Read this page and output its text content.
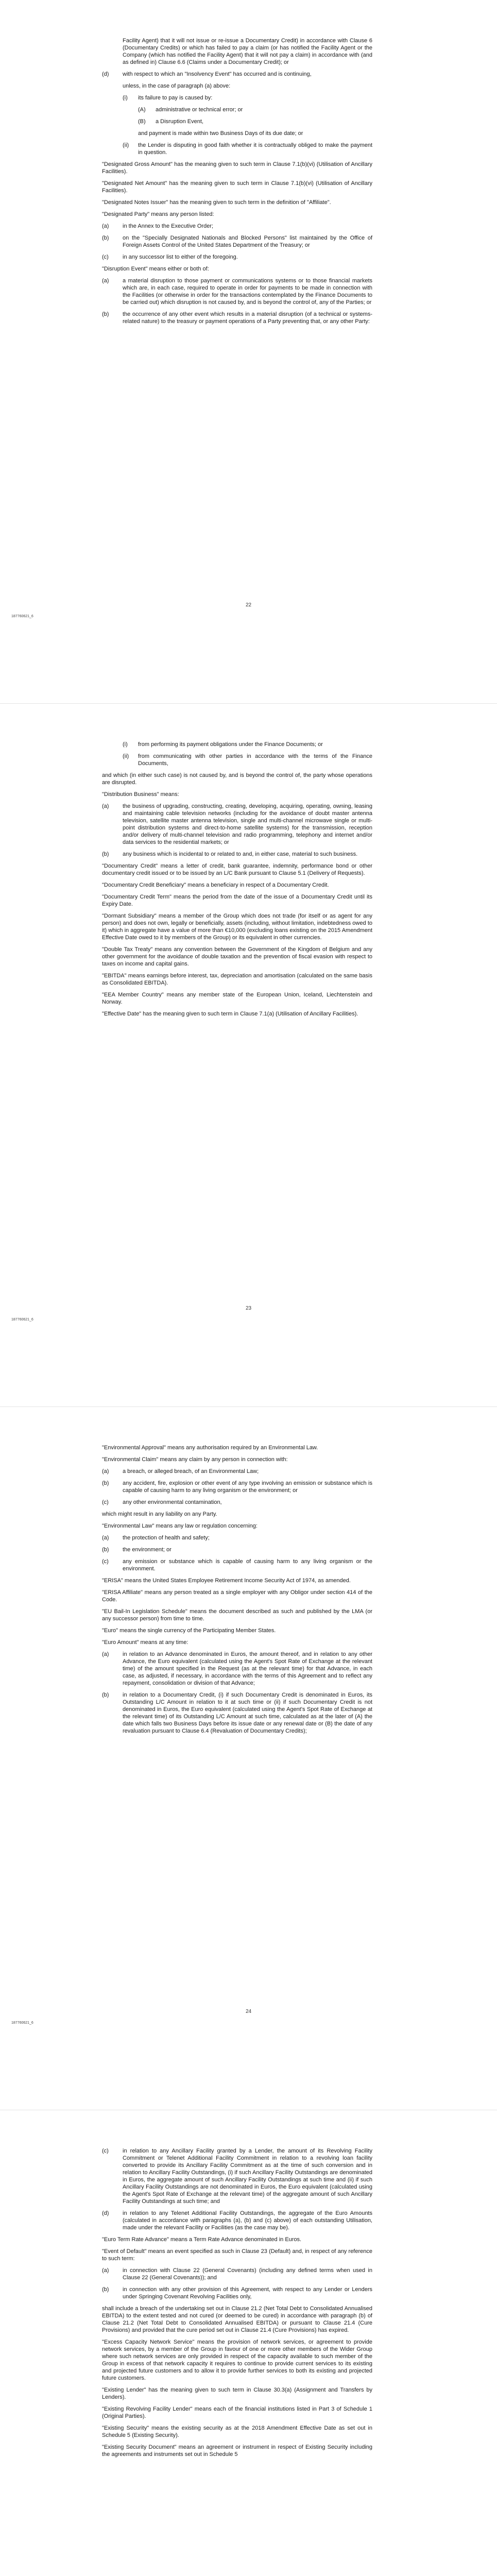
Facility Agent) that it will not issue or re-issue a Documentary Credit) in accordance with Clause 6 (Documentary Credits) or which has failed to pay a claim (or has notified the Facility Agent or the Company (which has notified the Facility Agent) that it will not pay a claim) in accordance with (and as defined in) Clause 6.6 (Claims under a Documentary Credit); or

(d) with respect to which an "Insolvency Event" has occurred and is continuing,

unless, in the case of paragraph (a) above:

(i) its failure to pay is caused by:
(A) administrative or technical error; or
(B) a Disruption Event,

and payment is made within two Business Days of its due date; or

(ii) the Lender is disputing in good faith whether it is contractually obliged to make the payment in question.

"Designated Gross Amount" has the meaning given to such term in Clause 7.1(b)(vi) (Utilisation of Ancillary Facilities).

"Designated Net Amount" has the meaning given to such term in Clause 7.1(b)(vi) (Utilisation of Ancillary Facilities).

"Designated Notes Issuer" has the meaning given to such term in the definition of "Affiliate".

"Designated Party" means any person listed:

(a) in the Annex to the Executive Order;
(b) on the "Specially Designated Nationals and Blocked Persons" list maintained by the Office of Foreign Assets Control of the United States Department of the Treasury; or
(c) in any successor list to either of the foregoing.

"Disruption Event" means either or both of:

(a) a material disruption to those payment or communications systems or to those financial markets which are, in each case, required to operate in order for payments to be made in connection with the Facilities (or otherwise in order for the transactions contemplated by the Finance Documents to be carried out) which disruption is not caused by, and is beyond the control of, any of the Parties; or
(b) the occurrence of any other event which results in a material disruption (of a technical or systems-related nature) to the treasury or payment operations of a Party preventing that, or any other Party:
22
187760621_6
(i) from performing its payment obligations under the Finance Documents; or
(ii) from communicating with other parties in accordance with the terms of the Finance Documents,

and which (in either such case) is not caused by, and is beyond the control of, the party whose operations are disrupted.

"Distribution Business" means:

(a) the business of upgrading, constructing, creating, developing, acquiring, operating, owning, leasing and maintaining cable television networks (including for the avoidance of doubt master antenna television, satellite master antenna television, single and multi-channel microwave single or multi-point distribution systems and direct-to-home satellite systems) for the transmission, reception and/or delivery of multi-channel television and radio programming, telephony and internet and/or data services to the residential markets; or
(b) any business which is incidental to or related to and, in either case, material to such business.

"Documentary Credit" means a letter of credit, bank guarantee, indemnity, performance bond or other documentary credit issued or to be issued by an L/C Bank pursuant to Clause 5.1 (Delivery of Requests).

"Documentary Credit Beneficiary" means a beneficiary in respect of a Documentary Credit.

"Documentary Credit Term" means the period from the date of the issue of a Documentary Credit until its Expiry Date.

"Dormant Subsidiary" means a member of the Group which does not trade (for itself or as agent for any person) and does not own, legally or beneficially, assets (including, without limitation, indebtedness owed to it) which in aggregate have a value of more than €10,000 (excluding loans existing on the 2015 Amendment Effective Date owed to it by members of the Group) or its equivalent in other currencies.

"Double Tax Treaty" means any convention between the Government of the Kingdom of Belgium and any other government for the avoidance of double taxation and the prevention of fiscal evasion with respect to taxes on income and capital gains.

"EBITDA" means earnings before interest, tax, depreciation and amortisation (calculated on the same basis as Consolidated EBITDA).

"EEA Member Country" means any member state of the European Union, Iceland, Liechtenstein and Norway.

"Effective Date" has the meaning given to such term in Clause 7.1(a) (Utilisation of Ancillary Facilities).

23
187760621_6

"Environmental Approval" means any authorisation required by an Environmental Law.

"Environmental Claim" means any claim by any person in connection with:

(a) a breach, or alleged breach, of an Environmental Law;
(b) any accident, fire, explosion or other event of any type involving an emission or substance which is capable of causing harm to any living organism or the environment; or
(c) any other environmental contamination,

which might result in any liability on any Party.

"Environmental Law" means any law or regulation concerning:

(a) the protection of health and safety;
(b) the environment; or
(c) any emission or substance which is capable of causing harm to any living organism or the environment.

"ERISA" means the United States Employee Retirement Income Security Act of 1974, as amended.

"ERISA Affiliate" means any person treated as a single employer with any Obligor under section 414 of the Code.

"EU Bail-In Legislation Schedule" means the document described as such and published by the LMA (or any successor person) from time to time.

"Euro" means the single currency of the Participating Member States.

"Euro Amount" means at any time:

(a) in relation to an Advance denominated in Euros, the amount thereof, and in relation to any other Advance, the Euro equivalent (calculated using the Agent's Spot Rate of Exchange at the relevant time) of the amount specified in the Request (as at the relevant time) for that Advance, in each case, as adjusted, if necessary, in accordance with the terms of this Agreement and to reflect any repayment, consolidation or division of that Advance;
(b) in relation to a Documentary Credit, (i) if such Documentary Credit is denominated in Euros, its Outstanding L/C Amount in relation to it at such time or (ii) if such Documentary Credit is not denominated in Euros, the Euro equivalent (calculated using the Agent's Spot Rate of Exchange at the relevant time) of its Outstanding L/C Amount at such time, calculated as at the later of (A) the date which falls two Business Days before its issue date or any renewal date or (B) the date of any revaluation pursuant to Clause 6.4 (Revaluation of Documentary Credits);
24
187760621_6
(c) in relation to any Ancillary Facility granted by a Lender, the amount of its Revolving Facility Commitment or Telenet Additional Facility Commitment in relation to a revolving loan facility converted to provide its Ancillary Facility Commitment as at the time of such conversion and in relation to Ancillary Facility Outstandings, (i) if such Ancillary Facility Outstandings are denominated in Euros, the aggregate amount of such Ancillary Facility Outstandings at such time and (ii) if such Ancillary Facility Outstandings are not denominated in Euros, the Euro equivalent (calculated using the Agent's Spot Rate of Exchange at the relevant time) of the aggregate amount of such Ancillary Facility Outstandings at such time; and
(d) in relation to any Telenet Additional Facility Outstandings, the aggregate of the Euro Amounts (calculated in accordance with paragraphs (a), (b) and (c) above) of each outstanding Utilisation, made under the relevant Facility or Facilities (as the case may be).

"Euro Term Rate Advance" means a Term Rate Advance denominated in Euros.

"Event of Default" means an event specified as such in Clause 23 (Default) and, in respect of any reference to such term:

(a) in connection with Clause 22 (General Covenants) (including any defined terms when used in Clause 22 (General Covenants)); and
(b) in connection with any other provision of this Agreement, with respect to any Lender or Lenders under Springing Covenant Revolving Facilities only,

shall include a breach of the undertaking set out in Clause 21.2 (Net Total Debt to Consolidated Annualised EBITDA) to the extent tested and not cured (or deemed to be cured) in accordance with paragraph (b) of Clause 21.2 (Net Total Debt to Consolidated Annualised EBITDA) or pursuant to Clause 21.4 (Cure Provisions) and provided that the cure period set out in Clause 21.4 (Cure Provisions) has expired.

"Excess Capacity Network Service" means the provision of network services, or agreement to provide network services, by a member of the Group in favour of one or more other members of the Wider Group where such network services are only provided in respect of the capacity available to such member of the Group in excess of that network capacity it requires to continue to provide current services to its existing and projected future customers and to allow it to provide further services to both its existing and projected future customers.

"Existing Lender" has the meaning given to such term in Clause 30.3(a) (Assignment and Transfers by Lenders).

"Existing Revolving Facility Lender" means each of the financial institutions listed in Part 3 of Schedule 1 (Original Parties).

"Existing Security" means the existing security as at the 2018 Amendment Effective Date as set out in Schedule 5 (Existing Security).

"Existing Security Document" means an agreement or instrument in respect of Existing Security including the agreements and instruments set out in Schedule 5
